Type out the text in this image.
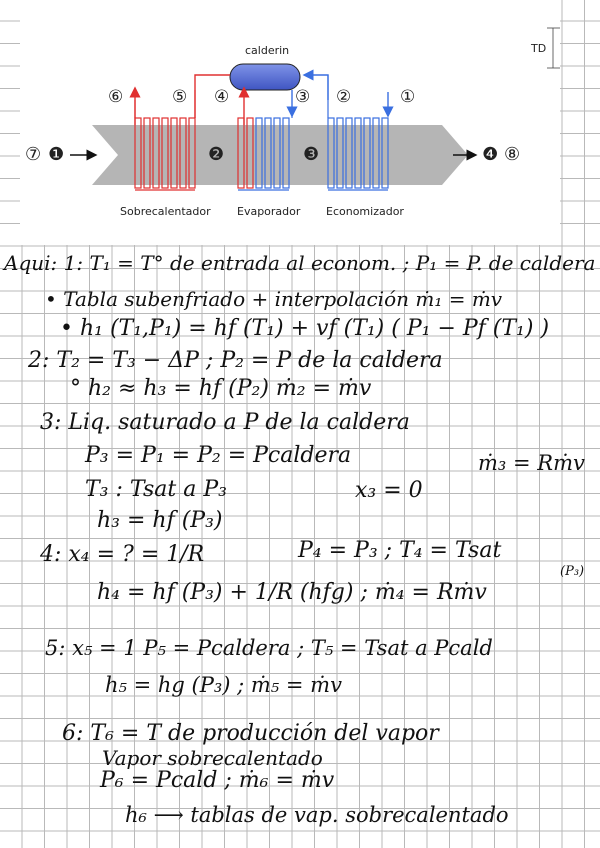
calderin	TD
Sobrecalentador Evaporador Economizador
⑥	⑤ ④	③ ②	①
⑦ ❶	❷	❸	❹ ⑧
Aqui: 1: T₁ = T° de entrada al econom. ; P₁ = P. de caldera
• Tabla subenfriado + interpolación ṁ₁ = ṁv
• h₁ (T₁,P₁) = hf (T₁) + vf (T₁) ( P₁ − Pf (T₁) )
2: T₂ = T₃ − ΔP ; P₂ = P de la caldera
° h₂ ≈ h₃ = hf (P₂) ṁ₂ = ṁv
3: Liq. saturado a P de la caldera
P₃ = P₁ = P₂ = Pcaldera	ṁ₃ = Rṁv
T₃ : Tsat a P₃	x₃ = 0
h₃ = hf (P₃)
4: x₄ = ? = 1/R	P₄ = P₃ ; T₄ = Tsat
(P₃)
h₄ = hf (P₃) + 1/R (hfg) ; ṁ₄ = Rṁv
5: x₅ = 1 P₅ = Pcaldera ; T₅ = Tsat a Pcald
h₅ = hg (P₃) ; ṁ₅ = ṁv
6: T₆ = T de producción del vapor
Vapor sobrecalentado
P₆ = Pcald ; ṁ₆ = ṁv
h₆ ⟶ tablas de vap. sobrecalentado
